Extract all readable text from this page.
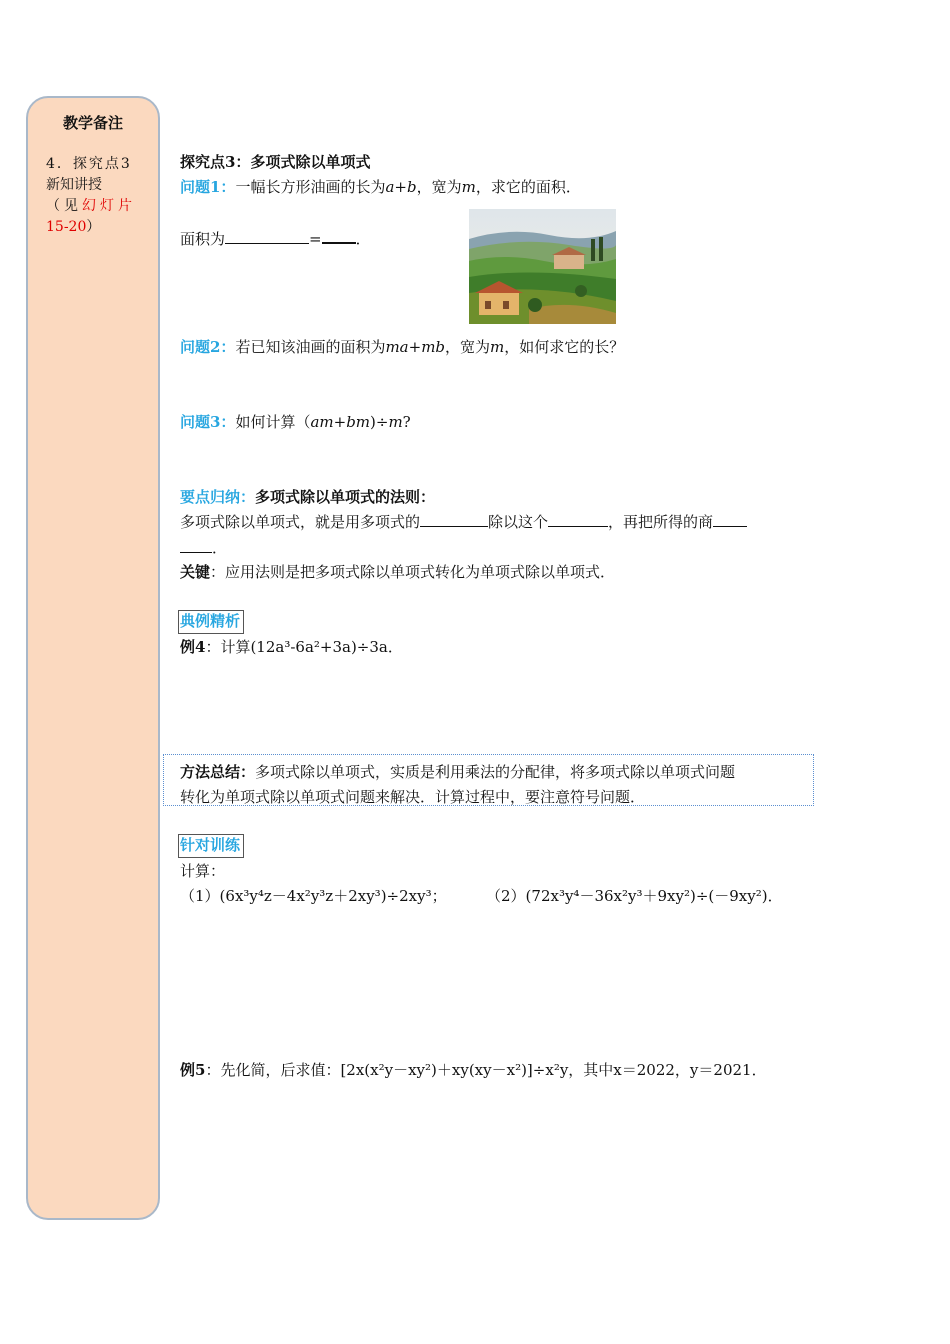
教学备注
4．探究点3
新知讲授
（见幻灯片
15-20）
探究点3：多项式除以单项式
问题1：一幅长方形油画的长为a+b，宽为m，求它的面积．
面积为	= ．
问题2：若已知该油画的面积为ma+mb，宽为m，如何求它的长？
问题3：如何计算（am+bm)÷m?
要点归纳：多项式除以单项式的法则：
多项式除以单项式，就是用多项式的	除以这个	，再把所得的商
．
关键：应用法则是把多项式除以单项式转化为单项式除以单项式．
典例精析
例4：计算(12a³-6a²+3a)÷3a．
针对训练
计算：
（1）(6x³y⁴z－4x²y³z＋2xy³)÷2xy³；	（2）(72x³y⁴－36x²y³＋9xy²)÷(－9xy²)．
例5：先化简，后求值：[2x(x²y－xy²)＋xy(xy－x²)]÷x²y，其中x＝2022，y＝2021．
方法总结：多项式除以单项式，实质是利用乘法的分配律，将多项式除以单项式问题
转化为单项式除以单项式问题来解决．计算过程中，要注意符号问题．
